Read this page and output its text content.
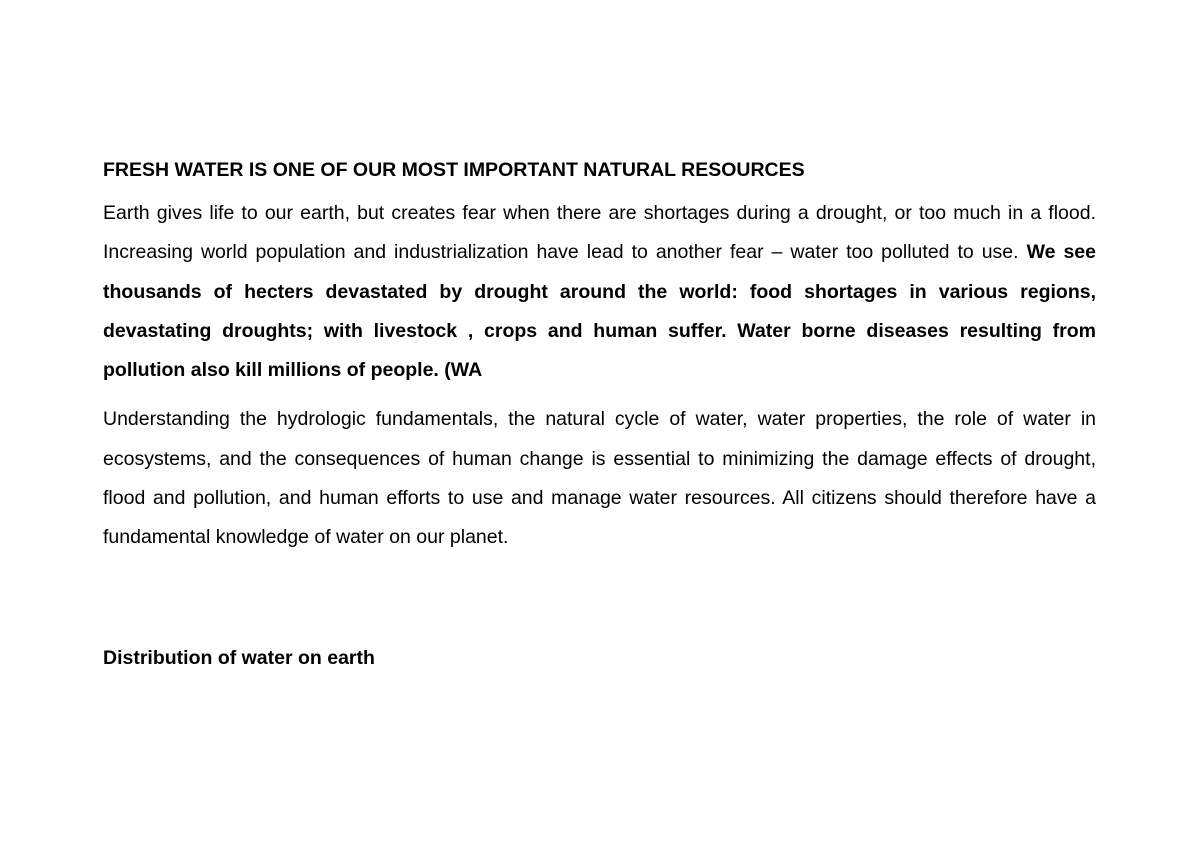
FRESH WATER IS ONE OF OUR MOST IMPORTANT NATURAL RESOURCES

Earth gives life to our earth, but creates fear when there are shortages during a drought, or too much in a flood. Increasing world population and industrialization have lead to another fear – water too polluted to use. We see thousands of hecters devastated by drought around the world: food shortages in various regions, devastating droughts; with livestock , crops and human suffer. Water borne diseases resulting from pollution also kill millions of people. (WA

Understanding the hydrologic fundamentals, the natural cycle of water, water properties, the role of water in ecosystems, and the consequences of human change is essential to minimizing the damage effects of drought, flood and pollution, and human efforts to use and manage water resources. All citizens should therefore have a fundamental knowledge of water on our planet.

Distribution of water on earth
